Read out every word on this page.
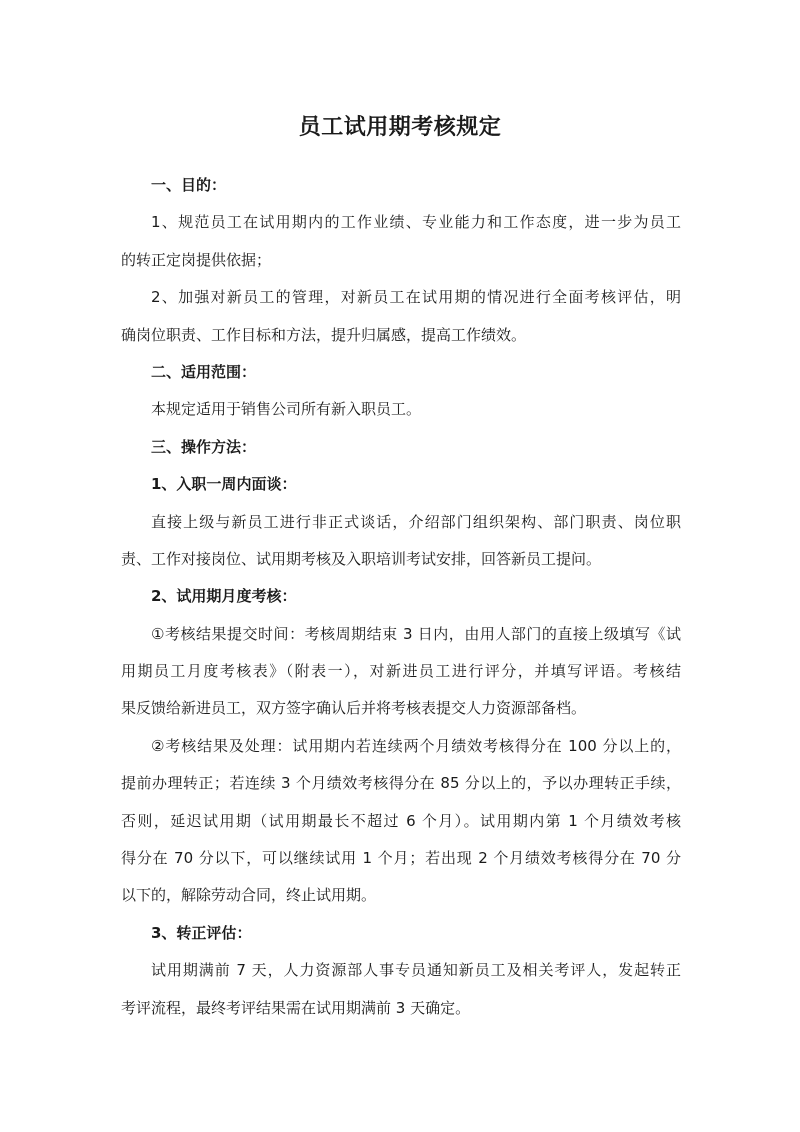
员工试用期考核规定
一、目的：
1、规范员工在试用期内的工作业绩、专业能力和工作态度，进一步为员工
的转正定岗提供依据；
2、加强对新员工的管理，对新员工在试用期的情况进行全面考核评估，明
确岗位职责、工作目标和方法，提升归属感，提高工作绩效。
二、适用范围：
本规定适用于销售公司所有新入职员工。
三、操作方法：
1、入职一周内面谈：
直接上级与新员工进行非正式谈话，介绍部门组织架构、部门职责、岗位职
责、工作对接岗位、试用期考核及入职培训考试安排，回答新员工提问。
2、试用期月度考核：
①考核结果提交时间：考核周期结束 3 日内，由用人部门的直接上级填写《试
用期员工月度考核表》（附表一），对新进员工进行评分，并填写评语。考核结
果反馈给新进员工，双方签字确认后并将考核表提交人力资源部备档。
②考核结果及处理：试用期内若连续两个月绩效考核得分在 100 分以上的，
提前办理转正；若连续 3 个月绩效考核得分在 85 分以上的，予以办理转正手续，
否则，延迟试用期（试用期最长不超过 6 个月）。试用期内第 1 个月绩效考核
得分在 70 分以下，可以继续试用 1 个月；若出现 2 个月绩效考核得分在 70 分
以下的，解除劳动合同，终止试用期。
3、转正评估：
试用期满前 7 天，人力资源部人事专员通知新员工及相关考评人，发起转正
考评流程，最终考评结果需在试用期满前 3 天确定。
